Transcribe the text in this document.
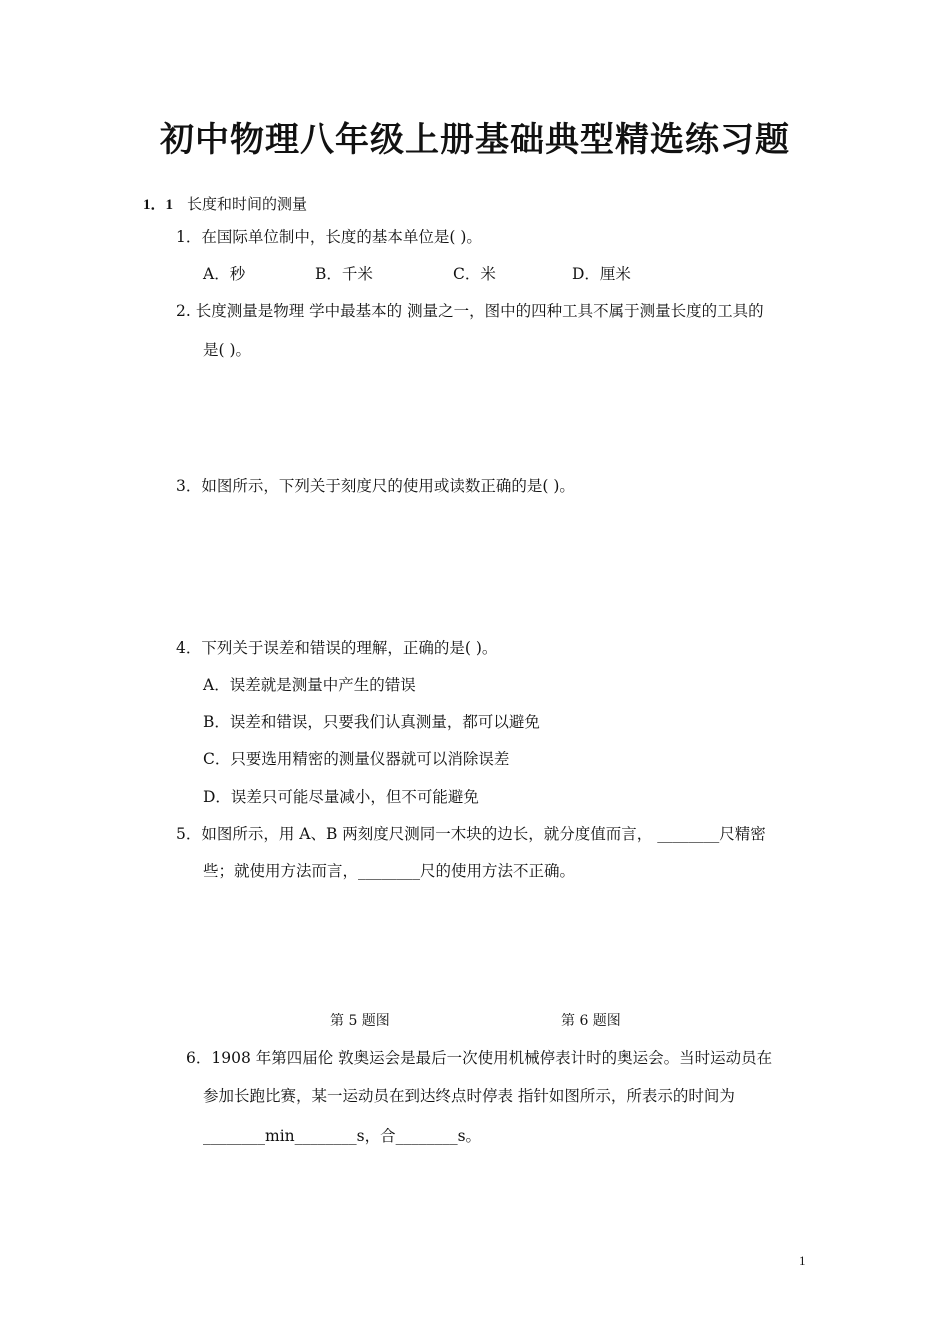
初中物理八年级上册基础典型精选练习题
1．1 长度和时间的测量
1．在国际单位制中，长度的基本单位是( )。
A．秒	B．千米	C．米	D．厘米
2. 长度测量是物理 学中最基本的 测量之一，图中的四种工具不属于测量长度的工具的
是( )。
3．如图所示，下列关于刻度尺的使用或读数正确的是( )。
4．下列关于误差和错误的理解，正确的是( )。
A．误差就是测量中产生的错误
B．误差和错误，只要我们认真测量，都可以避免
C．只要选用精密的测量仪器就可以消除误差
D．误差只可能尽量减小，但不可能避免
5．如图所示，用 A、B 两刻度尺测同一木块的边长，就分度值而言， ________尺精密
些；就使用方法而言，________尺的使用方法不正确。
第 5 题图	第 6 题图
6．1908 年第四届伦 敦奥运会是最后一次使用机械停表计时的奥运会。当时运动员在
参加长跑比赛，某一运动员在到达终点时停表 指针如图所示，所表示的时间为
________min________s，合________s。
1
